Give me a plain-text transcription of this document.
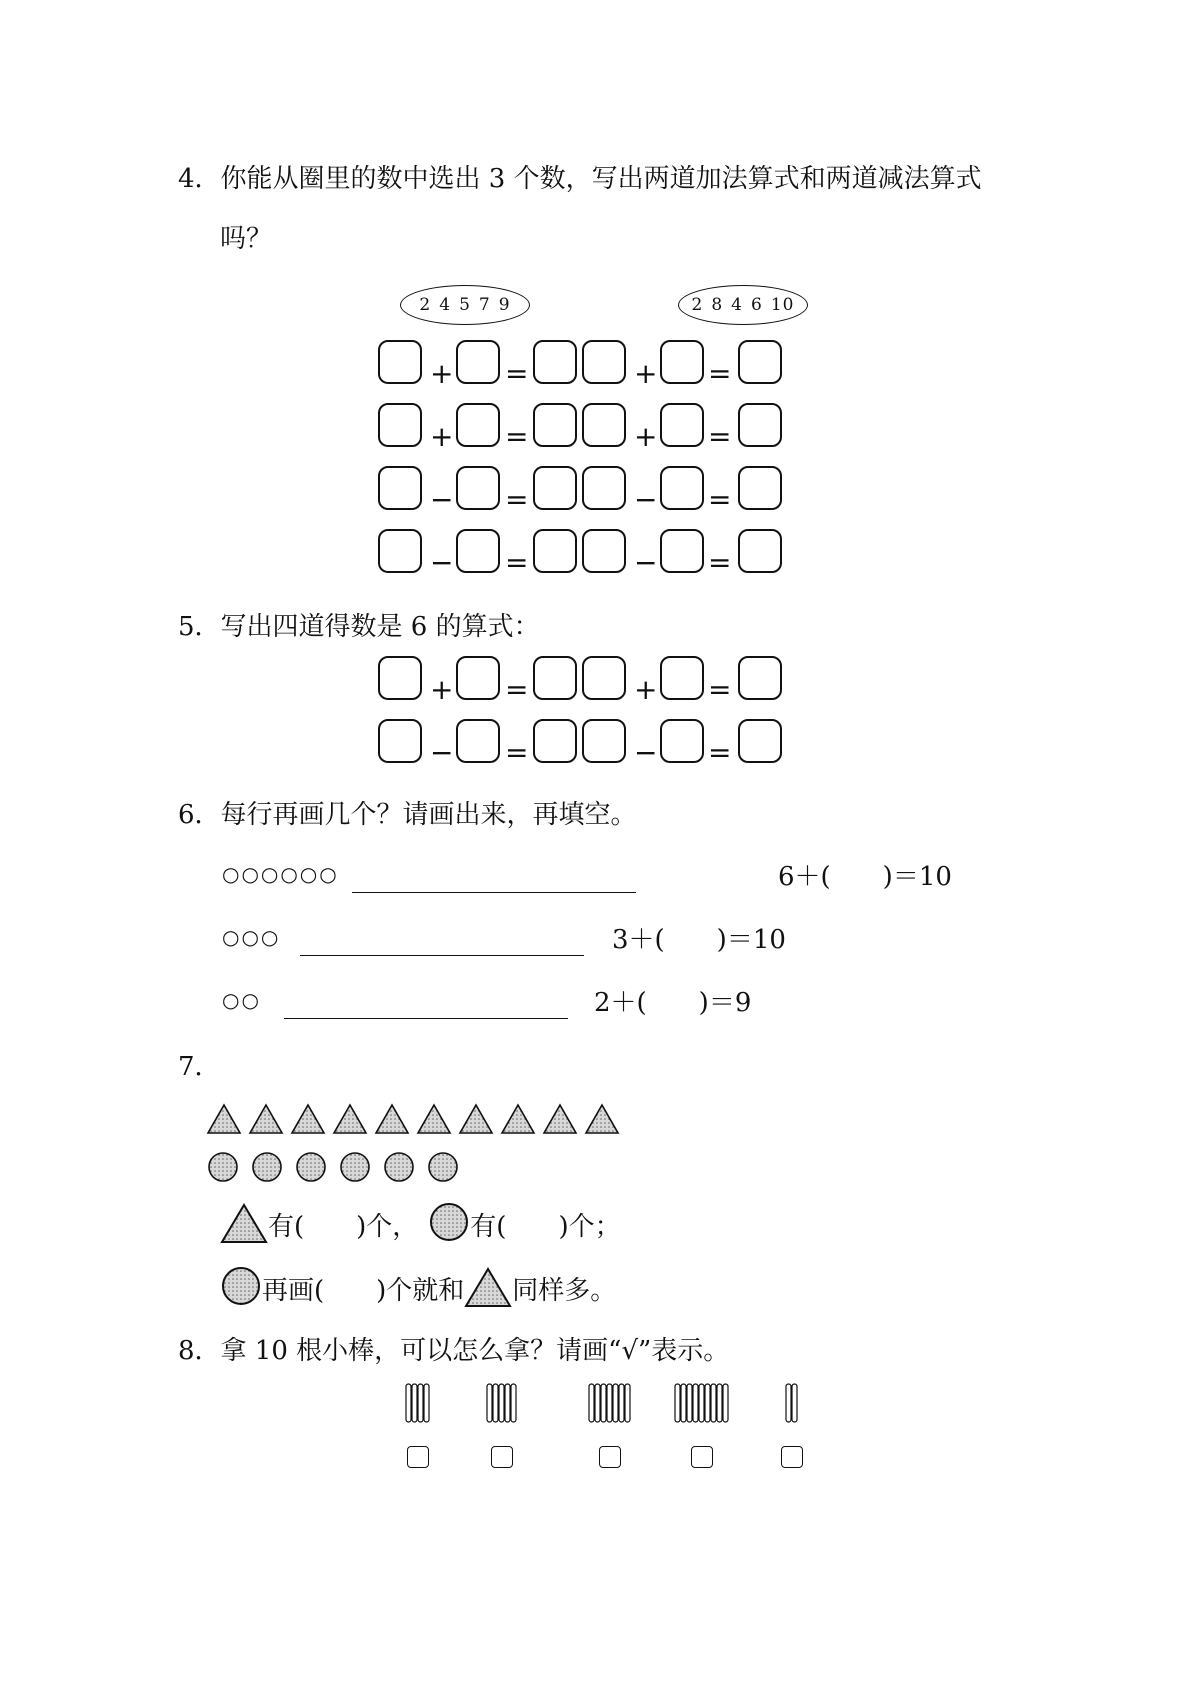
4．你能从圈里的数中选出 3 个数，写出两道加法算式和两道减法算式
吗？
2 4 5 7 9	2 8 4 6 10
+ =	+ =
+ =	+ =
− =	− =
− =	− =
5．写出四道得数是 6 的算式：
+ =	+ =
− =	− =
6．每行再画几个？请画出来，再填空。
○○○○○○	6＋(　　)＝10
○○○	3＋(　　)＝10
○○	2＋(　　)＝9
7．
有(　　)个， 有(　　)个；
再画(　　)个就和 同样多。
8．拿 10 根小棒，可以怎么拿？请画“√”表示。
